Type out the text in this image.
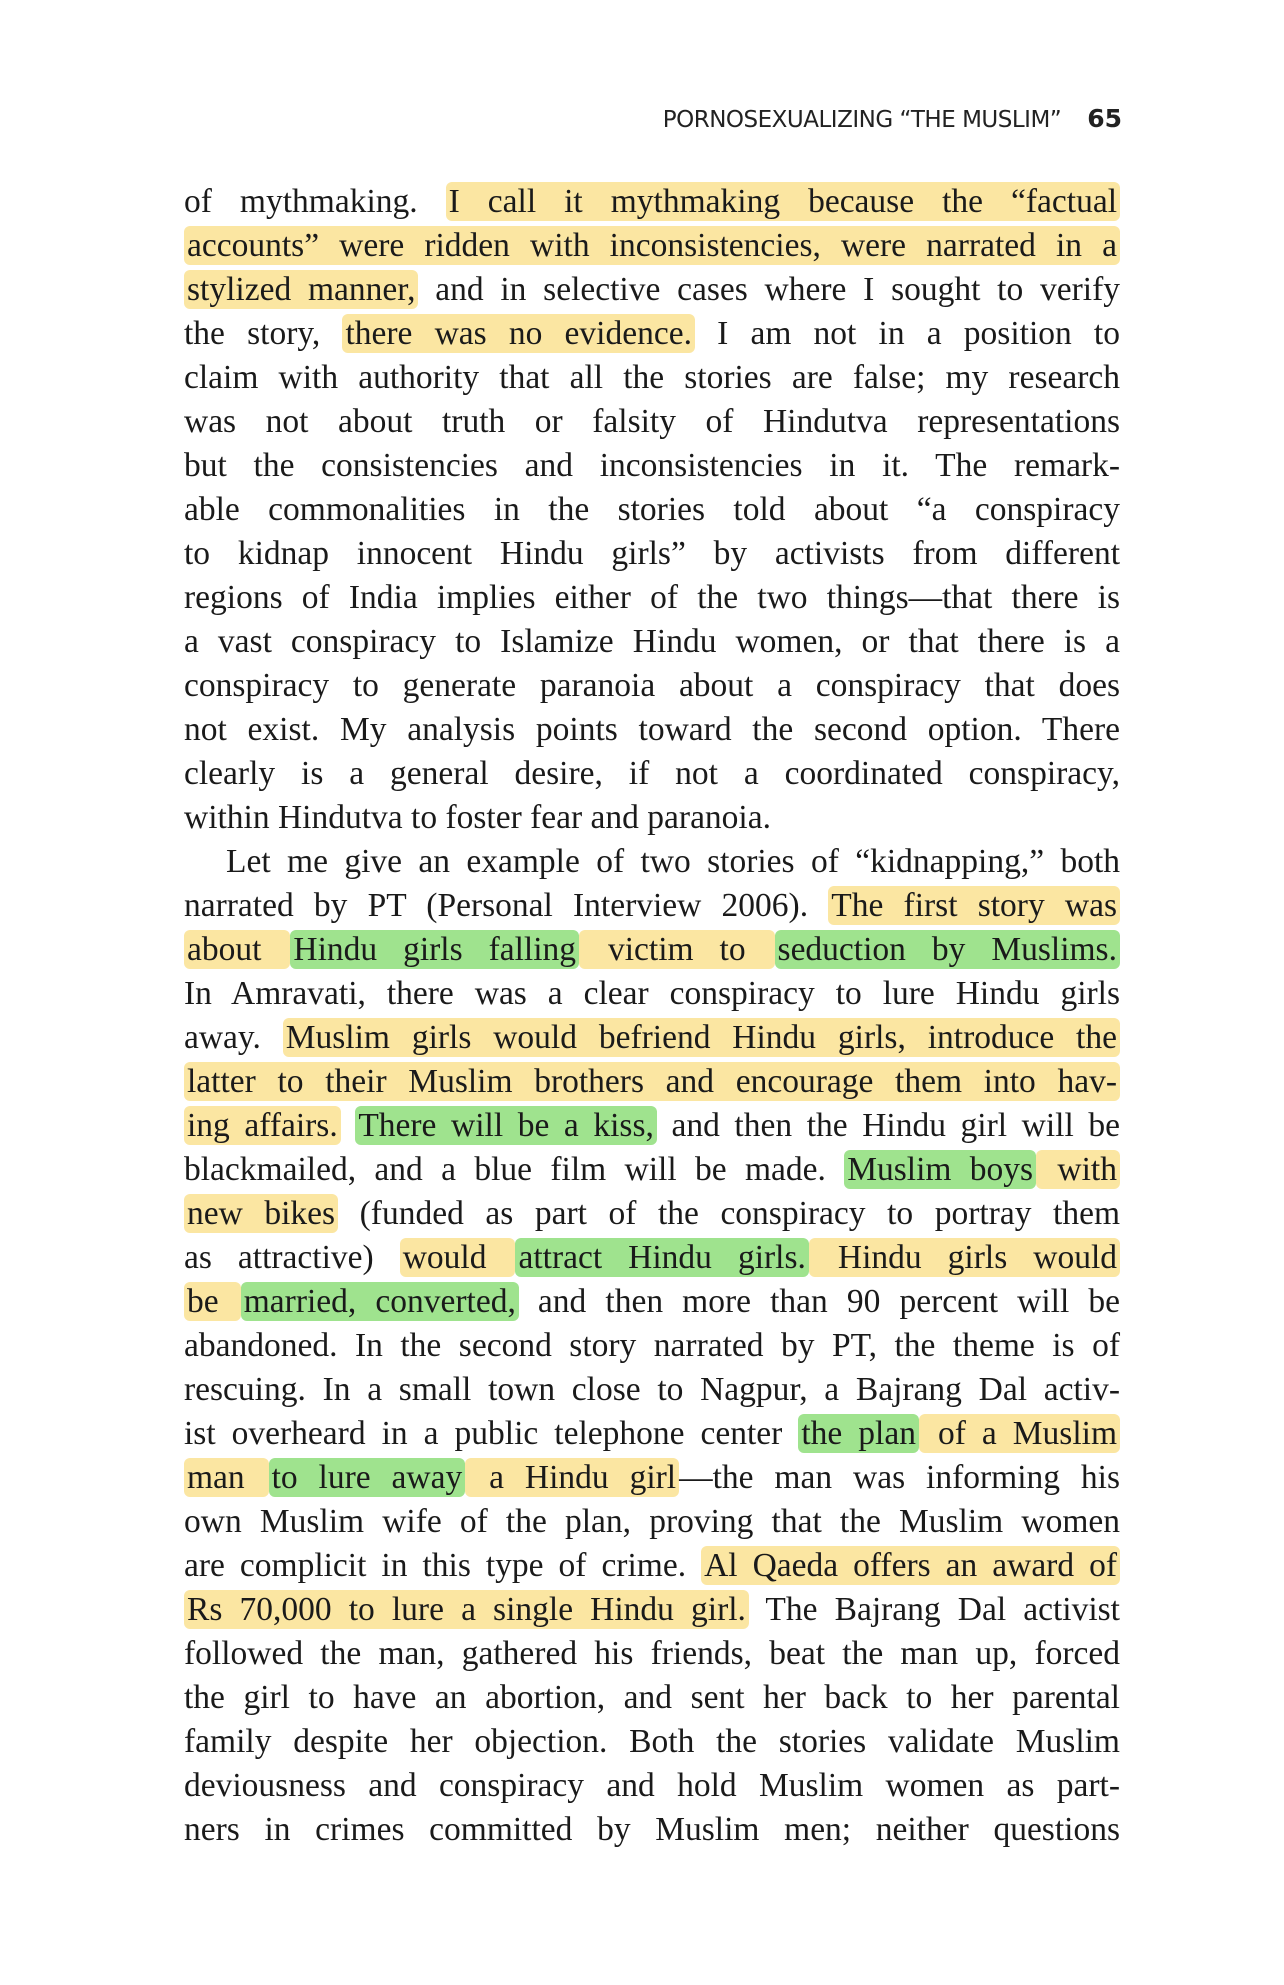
PORNOSEXUALIZING “THE MUSLIM” 65
of mythmaking. I call it mythmaking because the “factual
accounts” were ridden with inconsistencies, were narrated in a
stylized manner, and in selective cases where I sought to verify
the story, there was no evidence. I am not in a position to
claim with authority that all the stories are false; my research
was not about truth or falsity of Hindutva representations
but the consistencies and inconsistencies in it. The remark-
able commonalities in the stories told about “a conspiracy
to kidnap innocent Hindu girls” by activists from different
regions of India implies either of the two things—that there is
a vast conspiracy to Islamize Hindu women, or that there is a
conspiracy to generate paranoia about a conspiracy that does
not exist. My analysis points toward the second option. There
clearly is a general desire, if not a coordinated conspiracy,
within Hindutva to foster fear and paranoia.
Let me give an example of two stories of “kidnapping,” both
narrated by PT (Personal Interview 2006). The first story was
about Hindu girls falling victim to seduction by Muslims.
In Amravati, there was a clear conspiracy to lure Hindu girls
away. Muslim girls would befriend Hindu girls, introduce the
latter to their Muslim brothers and encourage them into hav-
ing affairs. There will be a kiss, and then the Hindu girl will be
blackmailed, and a blue film will be made. Muslim boys with
new bikes (funded as part of the conspiracy to portray them
as attractive) would attract Hindu girls. Hindu girls would
be married, converted, and then more than 90 percent will be
abandoned. In the second story narrated by PT, the theme is of
rescuing. In a small town close to Nagpur, a Bajrang Dal activ-
ist overheard in a public telephone center the plan of a Muslim
man to lure away a Hindu girl—the man was informing his
own Muslim wife of the plan, proving that the Muslim women
are complicit in this type of crime. Al Qaeda offers an award of
Rs 70,000 to lure a single Hindu girl. The Bajrang Dal activist
followed the man, gathered his friends, beat the man up, forced
the girl to have an abortion, and sent her back to her parental
family despite her objection. Both the stories validate Muslim
deviousness and conspiracy and hold Muslim women as part-
ners in crimes committed by Muslim men; neither questions
